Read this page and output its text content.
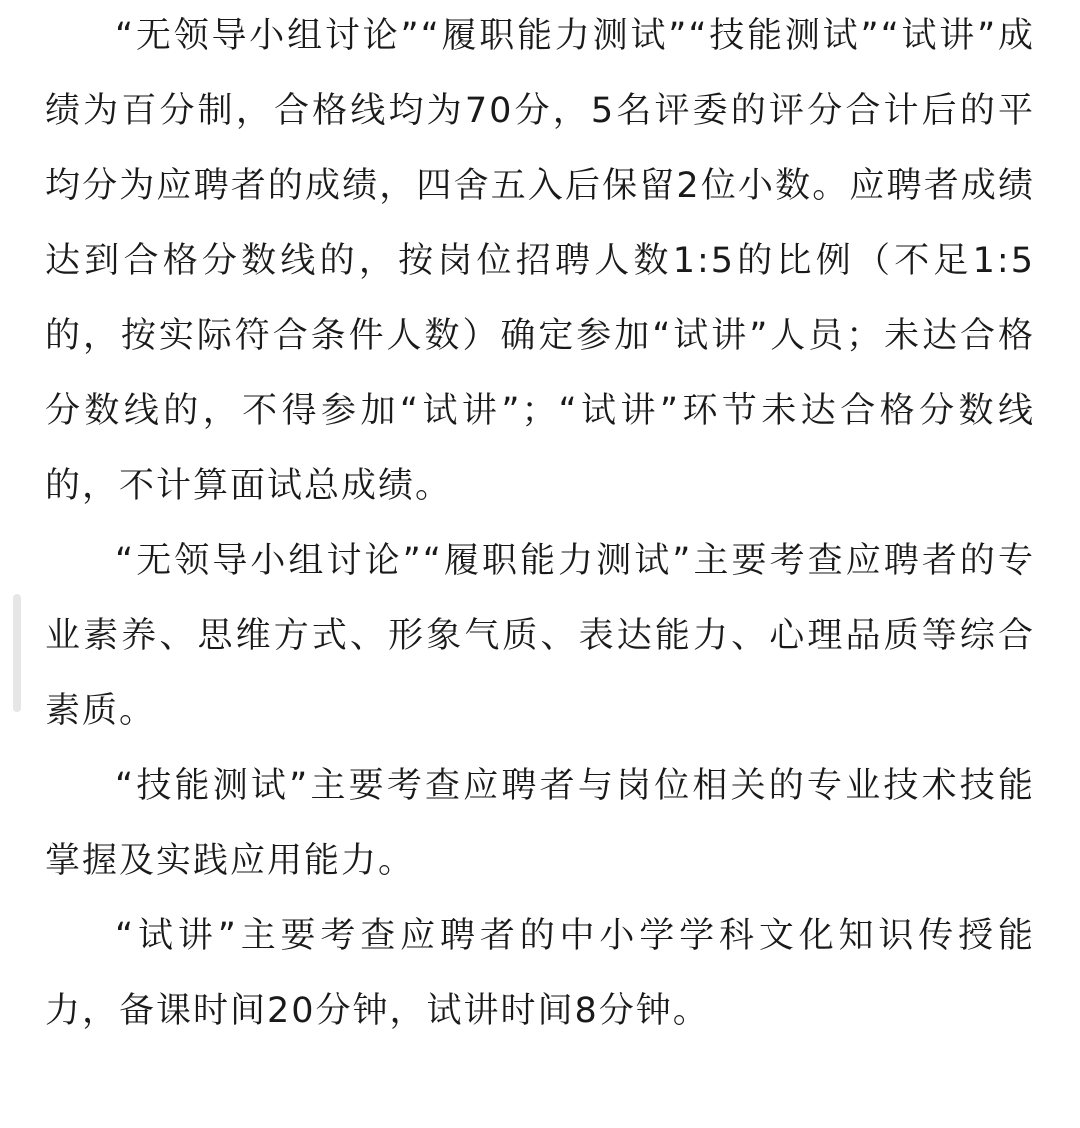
“无领导小组讨论”“履职能力测试”“技能测试”“试讲”成绩为百分制，合格线均为70分，5名评委的评分合计后的平均分为应聘者的成绩，四舍五入后保留2位小数。应聘者成绩达到合格分数线的，按岗位招聘人数1:5的比例（不足1:5的，按实际符合条件人数）确定参加“试讲”人员；未达合格分数线的，不得参加“试讲”；“试讲”环节未达合格分数线的，不计算面试总成绩。

“无领导小组讨论”“履职能力测试”主要考查应聘者的专业素养、思维方式、形象气质、表达能力、心理品质等综合素质。

“技能测试”主要考查应聘者与岗位相关的专业技术技能掌握及实践应用能力。

“试讲”主要考查应聘者的中小学学科文化知识传授能力，备课时间20分钟，试讲时间8分钟。
